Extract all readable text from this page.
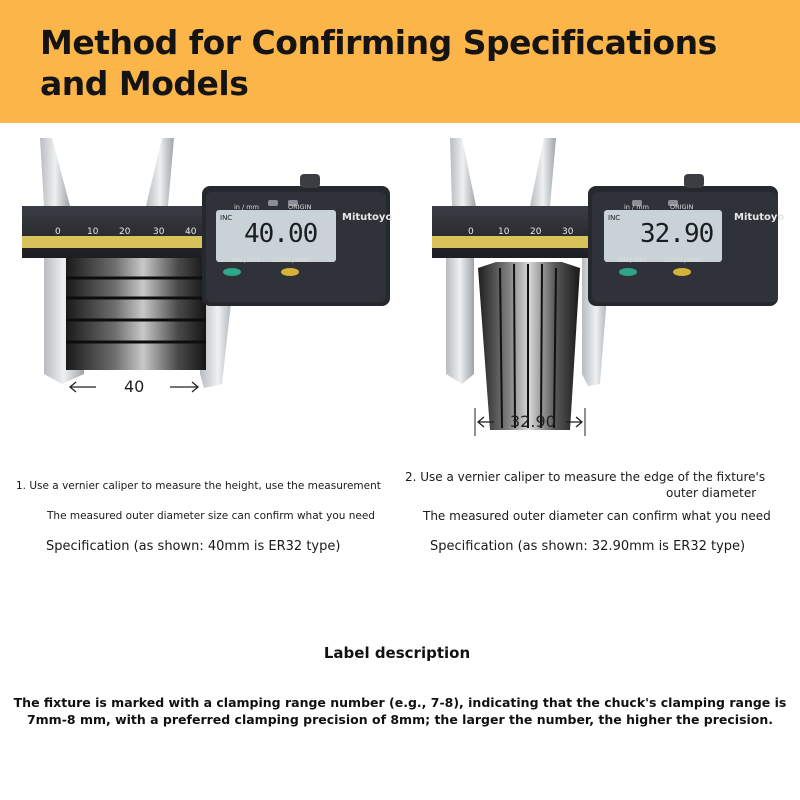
Method for Confirming Specifications and Models
0	10 20	30 40
INC
in / mm	ORIGIN
40.00
Mitutoyo
ON / OFF ZERO / ABS
40
0	10 20 30
INC
in / mm	ORIGIN
32.90
Mitutoyo
ON / OFF	ZERO / ABS
32.90
1. Use a vernier caliper to measure the height, use the measurement
The measured outer diameter size can confirm what you need
Specification (as shown: 40mm is ER32 type)
2. Use a vernier caliper to measure the edge of the fixture's
outer diameter
The measured outer diameter can confirm what you need
Specification (as shown: 32.90mm is ER32 type)
Label description

The fixture is marked with a clamping range number (e.g., 7-8), indicating that the chuck's clamping range is 7mm-8 mm, with a preferred clamping precision of 8mm; the larger the number, the higher the precision.
